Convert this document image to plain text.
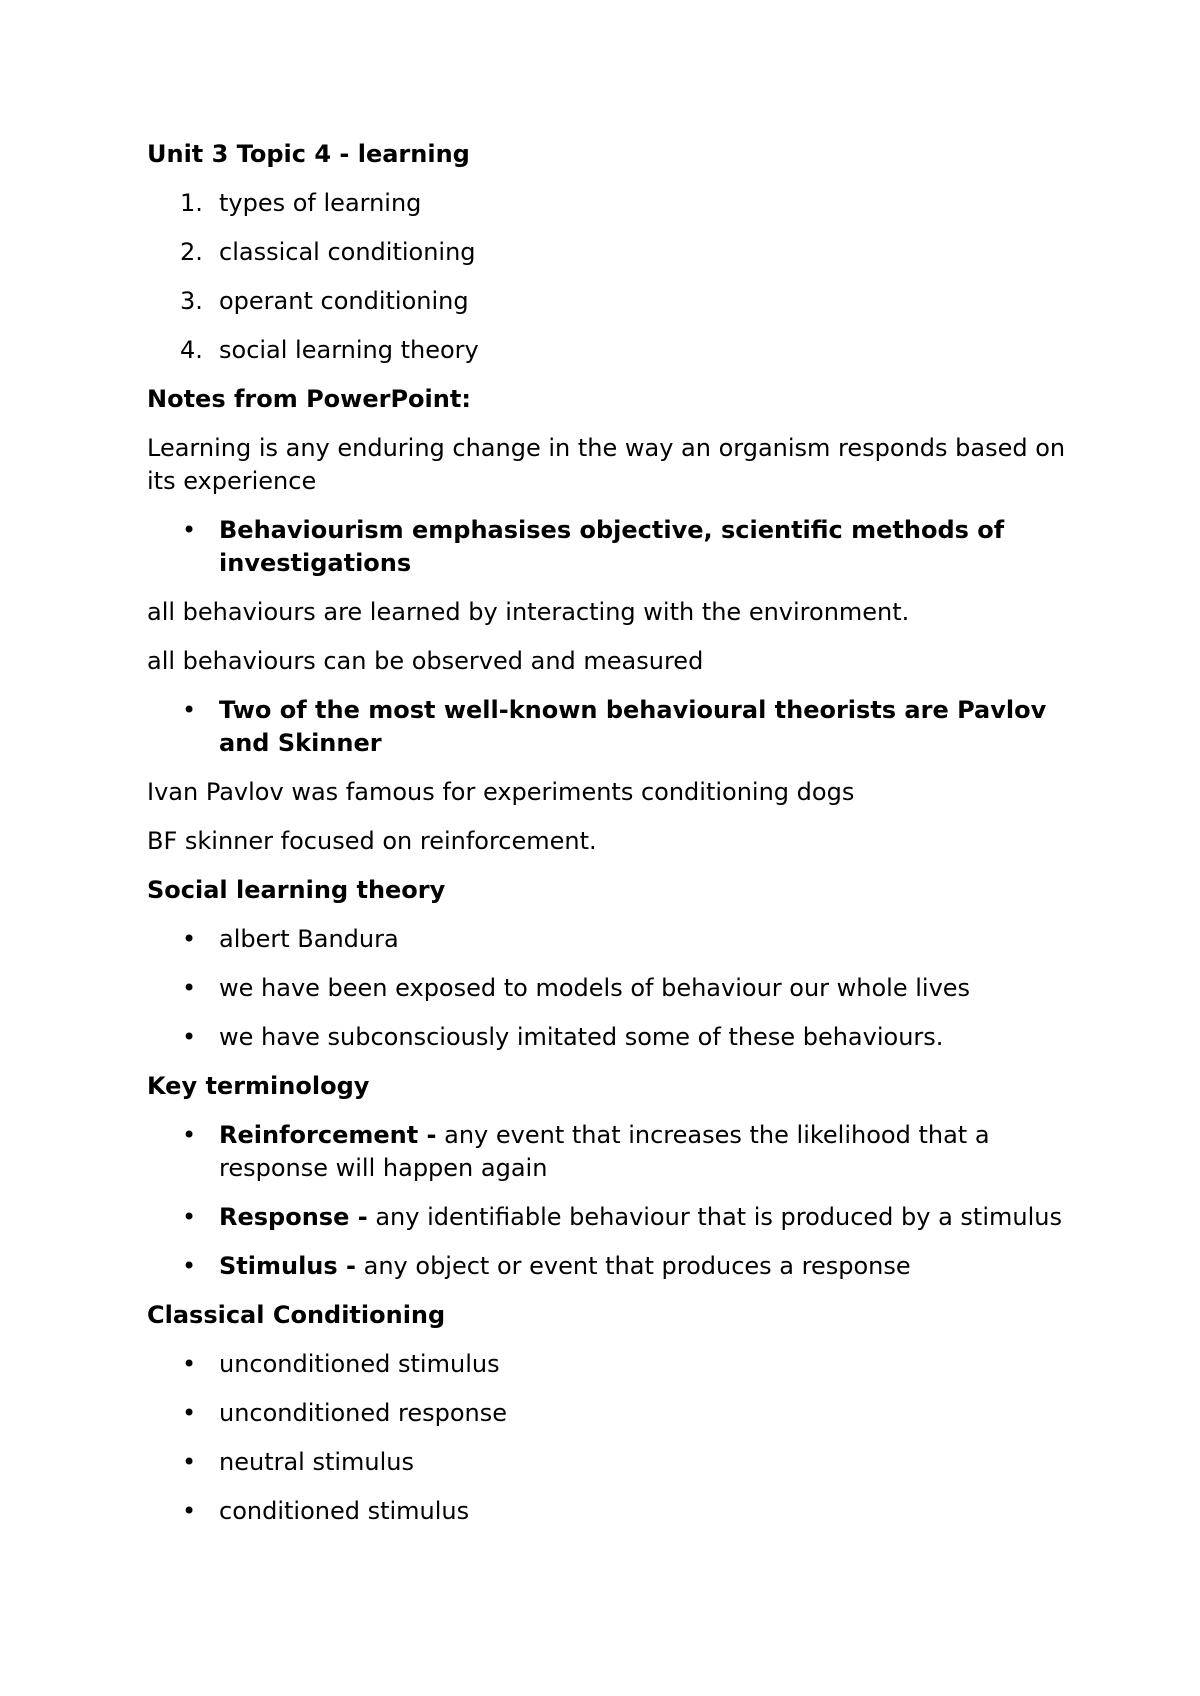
Unit 3 Topic 4 - learning
1. types of learning
2. classical conditioning
3. operant conditioning
4. social learning theory
Notes from PowerPoint:
Learning is any enduring change in the way an organism responds based on its experience
• Behaviourism emphasises objective, scientific methods of investigations
all behaviours are learned by interacting with the environment.
all behaviours can be observed and measured
• Two of the most well-known behavioural theorists are Pavlov and Skinner
Ivan Pavlov was famous for experiments conditioning dogs
BF skinner focused on reinforcement.
Social learning theory
• albert Bandura
• we have been exposed to models of behaviour our whole lives
• we have subconsciously imitated some of these behaviours.
Key terminology
• Reinforcement - any event that increases the likelihood that a response will happen again
• Response - any identifiable behaviour that is produced by a stimulus
• Stimulus - any object or event that produces a response
Classical Conditioning
• unconditioned stimulus
• unconditioned response
• neutral stimulus
• conditioned stimulus
